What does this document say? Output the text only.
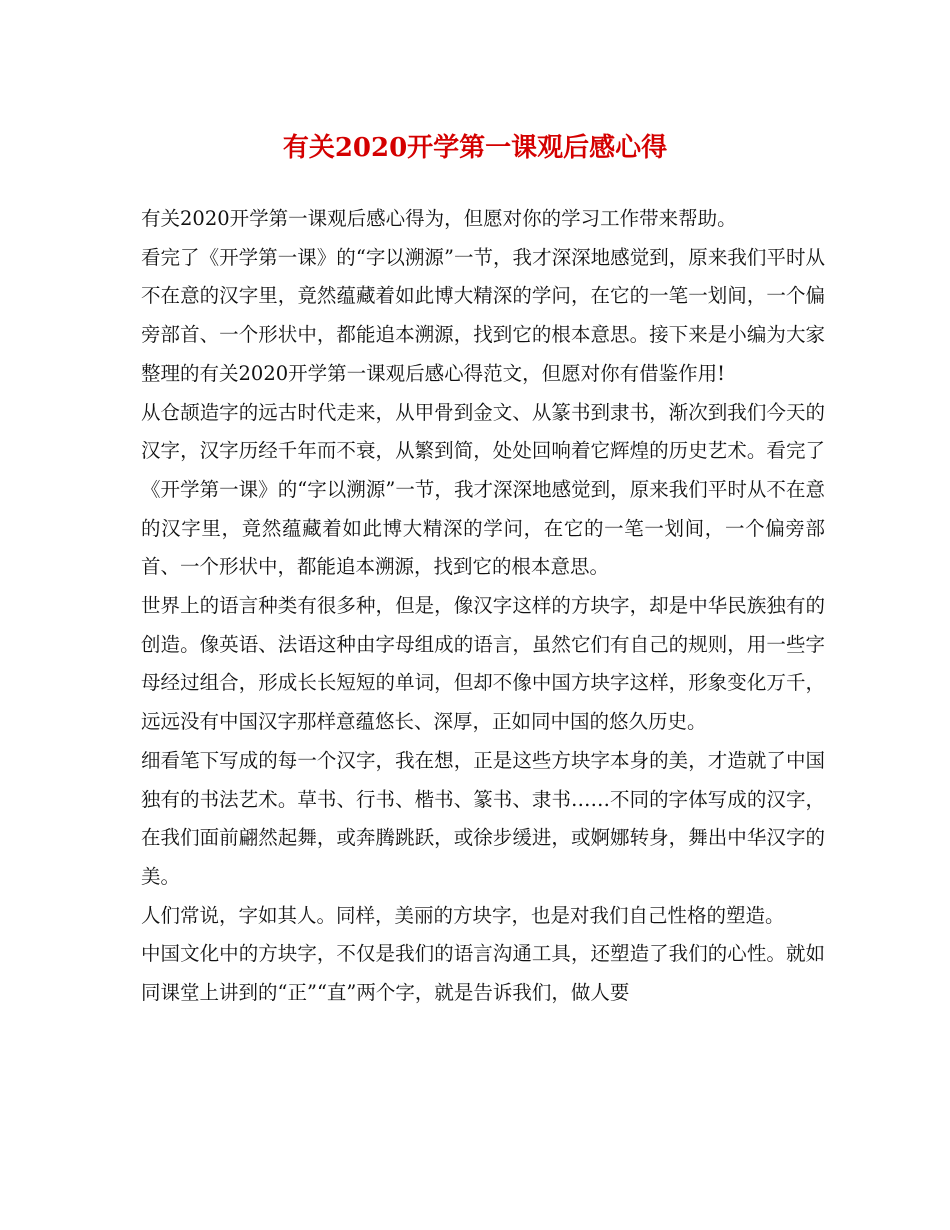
有关2020开学第一课观后感心得

有关2020开学第一课观后感心得为，但愿对你的学习工作带来帮助。

看完了《开学第一课》的“字以溯源”一节，我才深深地感觉到，原来我们平时从不在意的汉字里，竟然蕴藏着如此博大精深的学问，在它的一笔一划间，一个偏旁部首、一个形状中，都能追本溯源，找到它的根本意思。接下来是小编为大家整理的有关2020开学第一课观后感心得范文，但愿对你有借鉴作用!

从仓颉造字的远古时代走来，从甲骨到金文、从篆书到隶书，渐次到我们今天的汉字，汉字历经千年而不衰，从繁到简，处处回响着它辉煌的历史艺术。看完了《开学第一课》的“字以溯源”一节，我才深深地感觉到，原来我们平时从不在意的汉字里，竟然蕴藏着如此博大精深的学问，在它的一笔一划间，一个偏旁部首、一个形状中，都能追本溯源，找到它的根本意思。

世界上的语言种类有很多种，但是，像汉字这样的方块字，却是中华民族独有的创造。像英语、法语这种由字母组成的语言，虽然它们有自己的规则，用一些字母经过组合，形成长长短短的单词，但却不像中国方块字这样，形象变化万千，远远没有中国汉字那样意蕴悠长、深厚，正如同中国的悠久历史。

细看笔下写成的每一个汉字，我在想，正是这些方块字本身的美，才造就了中国独有的书法艺术。草书、行书、楷书、篆书、隶书……不同的字体写成的汉字，在我们面前翩然起舞，或奔腾跳跃，或徐步缓进，或婀娜转身，舞出中华汉字的美。

人们常说，字如其人。同样，美丽的方块字，也是对我们自己性格的塑造。

中国文化中的方块字，不仅是我们的语言沟通工具，还塑造了我们的心性。就如同课堂上讲到的“正”“直”两个字，就是告诉我们，做人要
